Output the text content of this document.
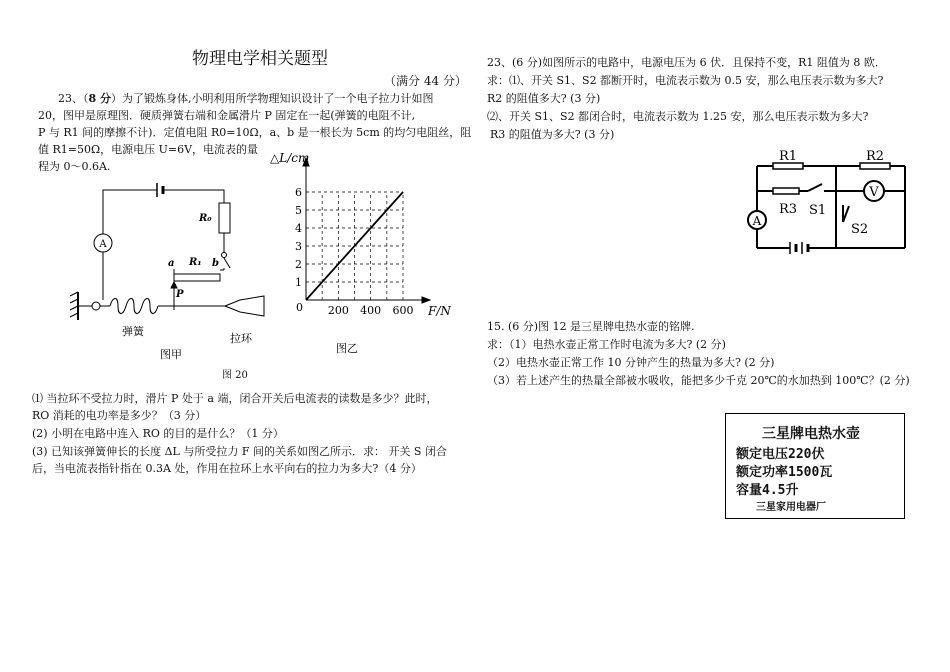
物理电学相关题型
（满分 44 分）
23、（8 分）为了锻炼身体,小明利用所学物理知识设计了一个电子拉力计如图
20，图甲是原理图．硬质弹簧右端和金属滑片 P 固定在一起(弹簧的电阻不计,
P 与 R1 间的摩擦不计)．定值电阻 R0=10Ω，a、b 是一根长为 5cm 的均匀电阻丝，阻
值 R1=50Ω，电源电压 U=6V，电流表的量
程为 0～0.6A.
A
R₀
a R₁ b
P
弹簧
拉环
图甲
1
2
3
4
5
6
200 400 600
△L/cm
F/N
0
图乙
图 20
⑴ 当拉环不受拉力时，滑片 P 处于 a 端，闭合开关后电流表的读数是多少？此时，
RO 消耗的电功率是多少？（3 分）
(2) 小明在电路中连入 RO 的目的是什么？（1 分）
(3) 已知该弹簧伸长的长度 ΔL 与所受拉力 F 间的关系如图乙所示．求： 开关 S 闭合
后，当电流表指针指在 0.3A 处，作用在拉环上水平向右的拉力为多大?（4 分）
23、(6 分)如图所示的电路中，电源电压为 6 伏．且保持不变，R1 阻值为 8 欧．
求：⑴、开关 S1、S2 都断开时，电流表示数为 0.5 安，那么电压表示数为多大?
R2 的阻值多大? (3 分)
⑵、开关 S1、S2 都闭合时，电流表示数为 1.25 安，那么电压表示数为多大?
R3 的阻值为多大? (3 分)
A
V
R1	R2
R3 S1
S2
15. (6 分)图 12 是三星牌电热水壶的铭牌.
求：（1）电热水壶正常工作时电流为多大? (2 分)
（2）电热水壶正常工作 10 分钟产生的热量为多大? (2 分)
（3）若上述产生的热量全部被水吸收，能把多少千克 20℃的水加热到 100℃？(2 分)
三星牌电热水壶
额定电压220伏
额定功率1500瓦
容量4.5升
三星家用电器厂
